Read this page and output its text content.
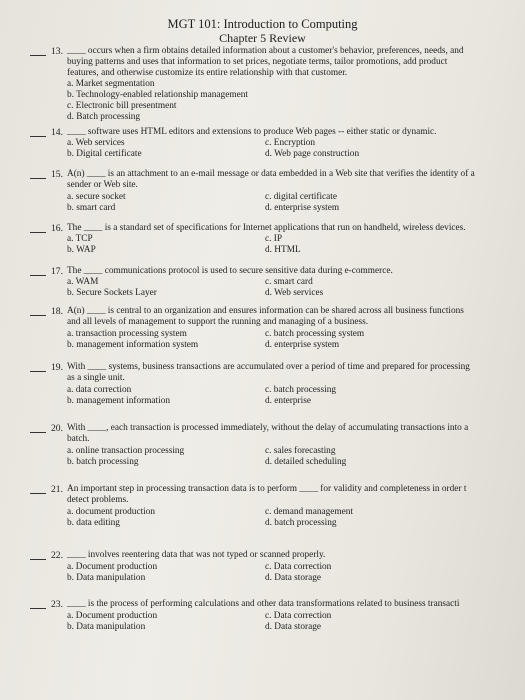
MGT 101: Introduction to Computing
Chapter 5 Review
13. ____ occurs when a firm obtains detailed information about a customer's behavior, preferences, needs, and
buying patterns and uses that information to set prices, negotiate terms, tailor promotions, add product
features, and otherwise customize its entire relationship with that customer.
a. Market segmentation
b. Technology-enabled relationship management
c. Electronic bill presentment
d. Batch processing
14. ____ software uses HTML editors and extensions to produce Web pages -- either static or dynamic.
a. Web services	c. Encryption
b. Digital certificate	d. Web page construction
15. A(n) ____ is an attachment to an e-mail message or data embedded in a Web site that verifies the identity of a
sender or Web site.
a. secure socket	c. digital certificate
b. smart card	d. enterprise system
16. The ____ is a standard set of specifications for Internet applications that run on handheld, wireless devices.
a. TCP	c. IP
b. WAP	d. HTML
17. The ____ communications protocol is used to secure sensitive data during e-commerce.
a. WAM	c. smart card
b. Secure Sockets Layer	d. Web services
18. A(n) ____ is central to an organization and ensures information can be shared across all business functions
and all levels of management to support the running and managing of a business.
a. transaction processing system	c. batch processing system
b. management information system	d. enterprise system
19. With ____ systems, business transactions are accumulated over a period of time and prepared for processing
as a single unit.
a. data correction	c. batch processing
b. management information	d. enterprise
20. With ____, each transaction is processed immediately, without the delay of accumulating transactions into a
batch.
a. online transaction processing	c. sales forecasting
b. batch processing	d. detailed scheduling
21. An important step in processing transaction data is to perform ____ for validity and completeness in order t
detect problems.
a. document production	c. demand management
b. data editing	d. batch processing
22. ____ involves reentering data that was not typed or scanned properly.
a. Document production	c. Data correction
b. Data manipulation	d. Data storage
23. ____ is the process of performing calculations and other data transformations related to business transacti
a. Document production	c. Data correction
b. Data manipulation	d. Data storage
